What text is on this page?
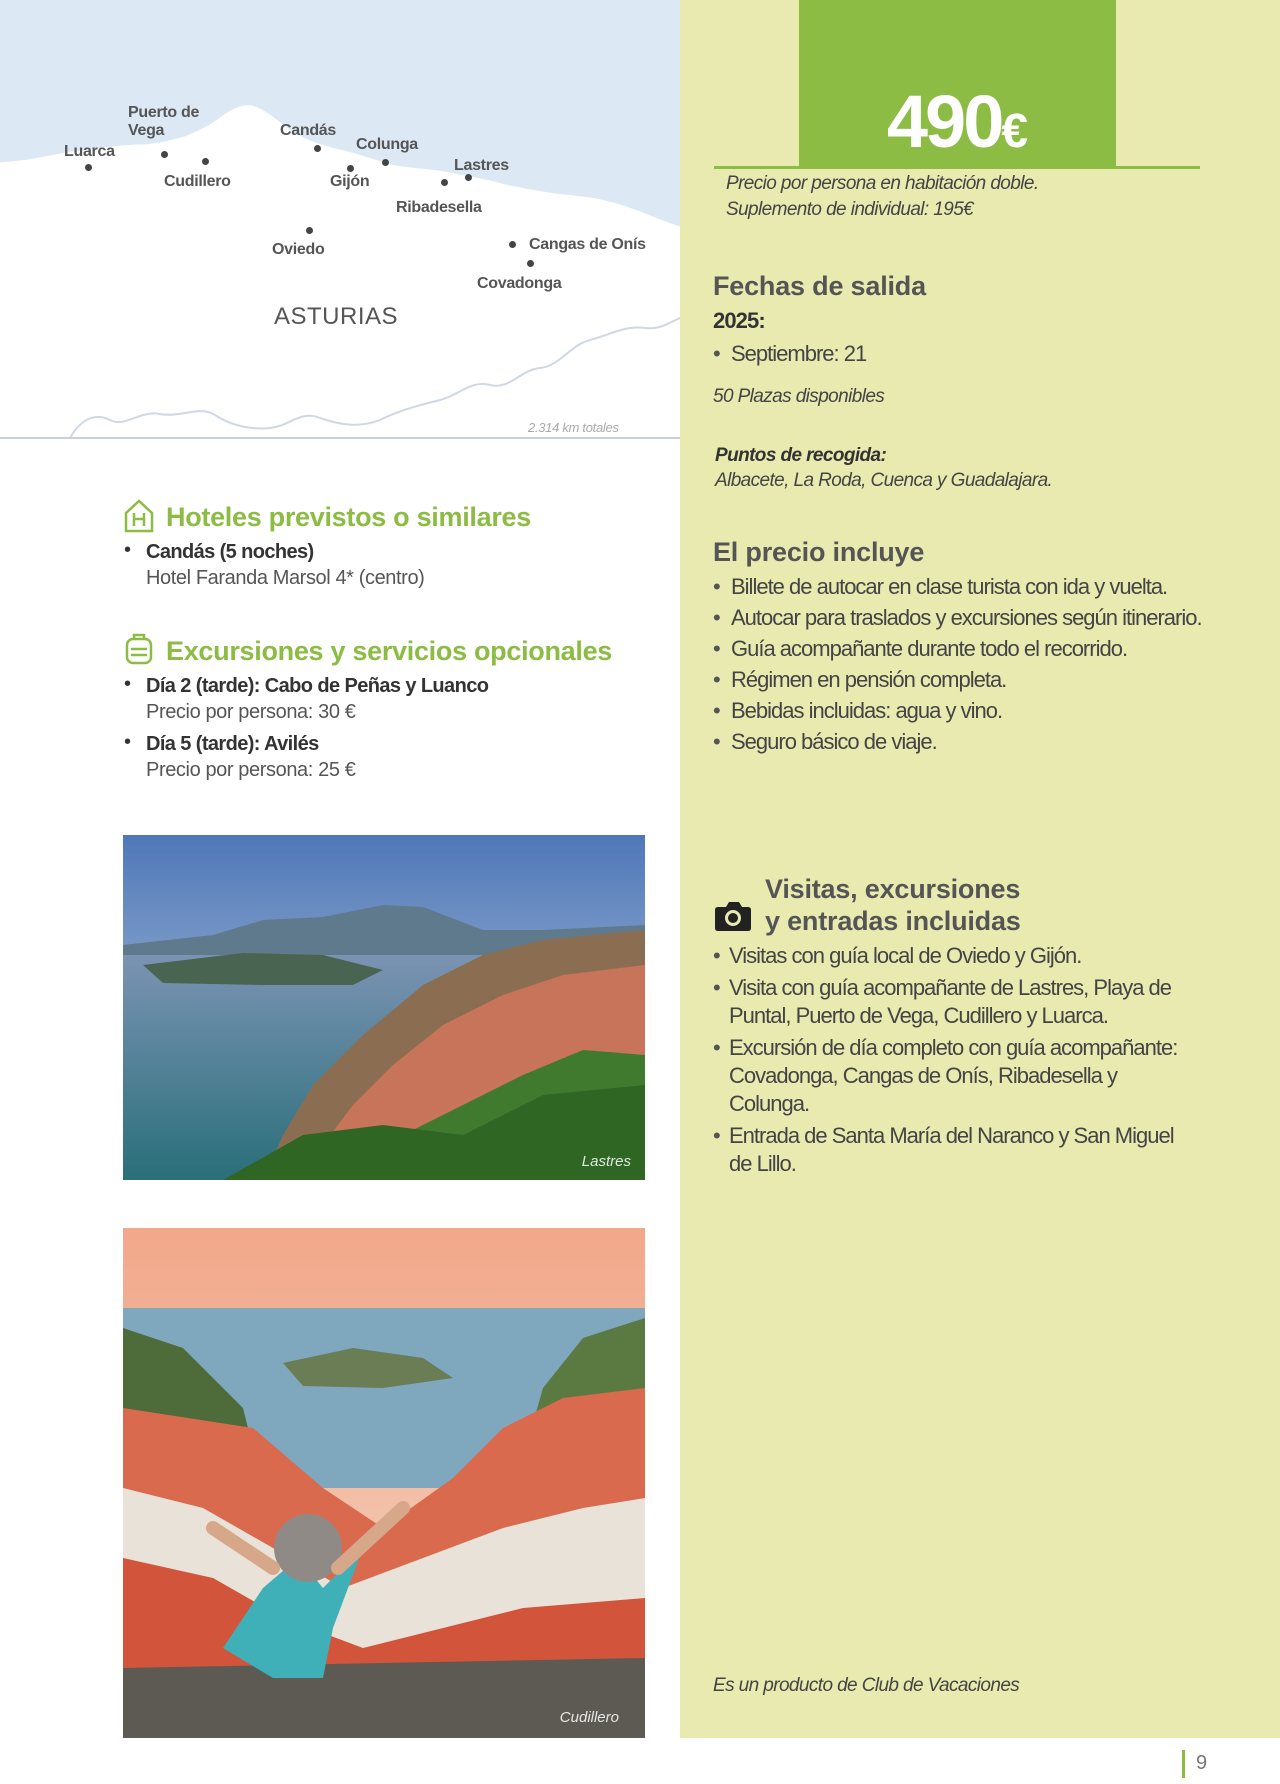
Luarca
Puerto de
Vega
Cudillero
Candás
Gijón
Colunga
Lastres
Ribadesella
Oviedo	Cangas de Onís
Covadonga
ASTURIAS
2.314 km totales
490€
Precio por persona en habitación doble.
Suplemento de individual: 195€
Fechas de salida
2025:
• Septiembre: 21
50 Plazas disponibles
Puntos de recogida:
Albacete, La Roda, Cuenca y Guadalajara.
El precio incluye
• Billete de autocar en clase turista con ida y vuelta.
• Autocar para traslados y excursiones según itinerario.
• Guía acompañante durante todo el recorrido.
• Régimen en pensión completa.
• Bebidas incluidas: agua y vino.
• Seguro básico de viaje.
Visitas, excursiones
y entradas incluidas
• Visitas con guía local de Oviedo y Gijón.
• Visita con guía acompañante de Lastres, Playa de Puntal, Puerto de Vega, Cudillero y Luarca.
• Excursión de día completo con guía acompañante: Covadonga, Cangas de Onís, Ribadesella y Colunga.
• Entrada de Santa María del Naranco y San Miguel de Lillo.
Es un producto de Club de Vacaciones
Hoteles previstos o similares
• Candás (5 noches)
Hotel Faranda Marsol 4* (centro)
Excursiones y servicios opcionales
• Día 2 (tarde): Cabo de Peñas y Luanco
Precio por persona: 30 €
• Día 5 (tarde): Avilés
Precio por persona: 25 €
Lastres
Cudillero
9
